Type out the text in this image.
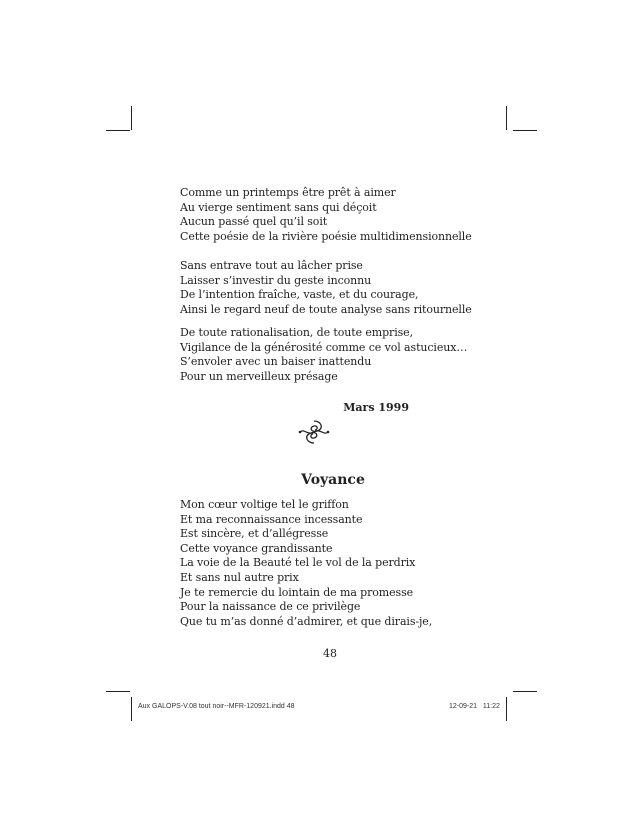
Comme un printemps être prêt à aimer
Au vierge sentiment sans qui déçoit
Aucun passé quel qu’il soit
Cette poésie de la rivière poésie multidimensionnelle
Sans entrave tout au lâcher prise
Laisser s’investir du geste inconnu
De l’intention fraîche, vaste, et du courage,
Ainsi le regard neuf de toute analyse sans ritournelle
De toute rationalisation, de toute emprise,
Vigilance de la générosité comme ce vol astucieux…
S’envoler avec un baiser inattendu
Pour un merveilleux présage
Mars 1999
Voyance
Mon cœur voltige tel le griffon
Et ma reconnaissance incessante
Est sincère, et d’allégresse
Cette voyance grandissante
La voie de la Beauté tel le vol de la perdrix
Et sans nul autre prix
Je te remercie du lointain de ma promesse
Pour la naissance de ce privilège
Que tu m’as donné d’admirer, et que dirais-je,
48
Aux GALOPS-V.08 tout noir--MFR-120921.indd 48	12-09-21 11:22
